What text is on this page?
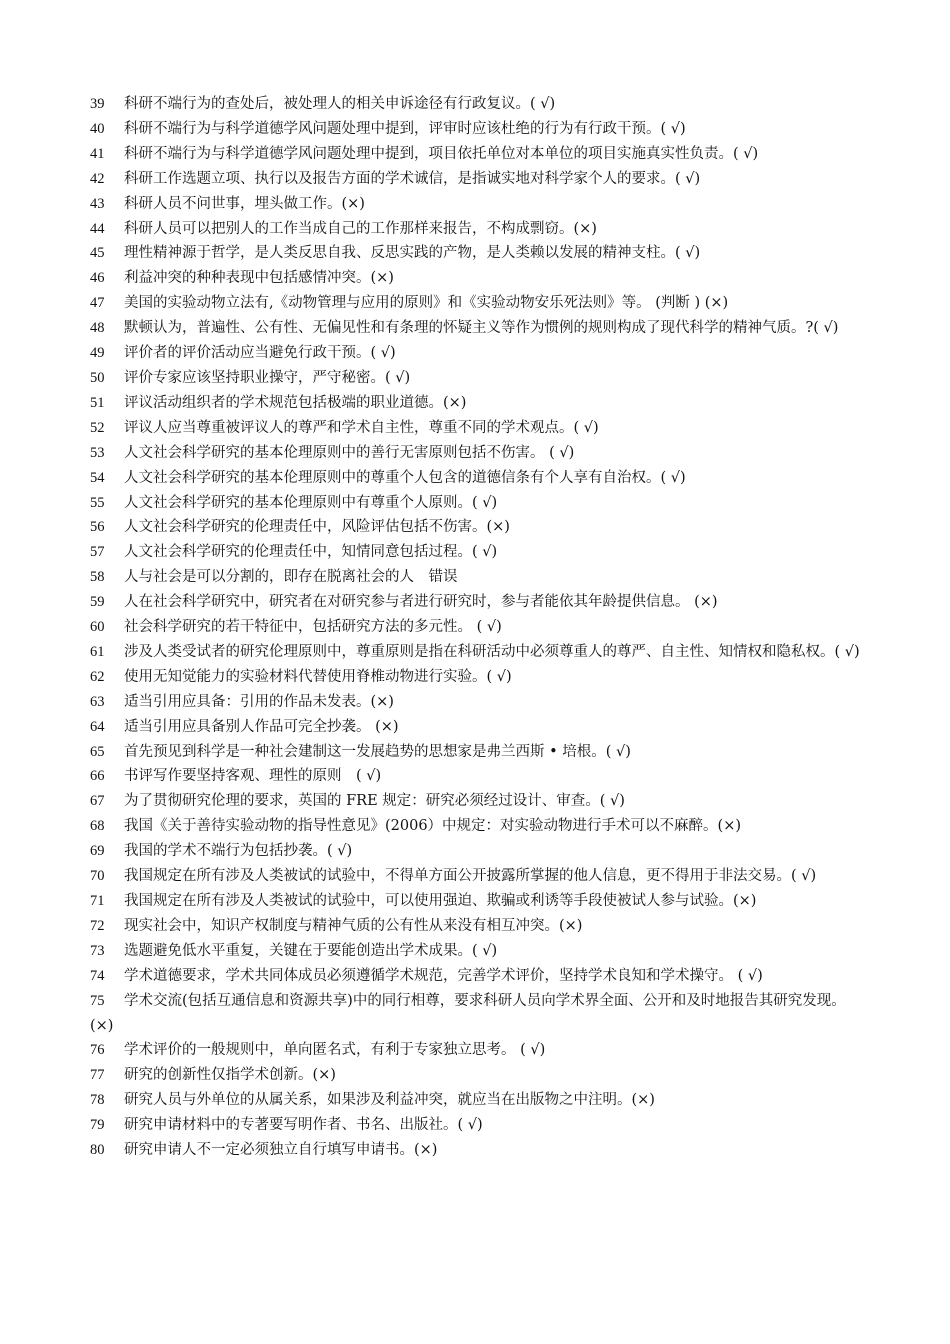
39 科研不端行为的查处后，被处理人的相关申诉途径有行政复议。( √)
40 科研不端行为与科学道德学风问题处理中提到，评审时应该杜绝的行为有行政干预。( √)
41 科研不端行为与科学道德学风问题处理中提到，项目依托单位对本单位的项目实施真实性负责。( √)
42 科研工作选题立项、执行以及报告方面的学术诚信，是指诚实地对科学家个人的要求。( √)
43 科研人员不问世事，埋头做工作。(×)
44 科研人员可以把别人的工作当成自己的工作那样来报告，不构成剽窃。(×)
45 理性精神源于哲学，是人类反思自我、反思实践的产物，是人类赖以发展的精神支柱。( √)
46 利益冲突的种种表现中包括感情冲突。(×)
47 美国的实验动物立法有,《动物管理与应用的原则》和《实验动物安乐死法则》等。 (判断 ) (×)
48 默顿认为，普遍性、公有性、无偏见性和有条理的怀疑主义等作为惯例的规则构成了现代科学的精神气质。?( √)
49 评价者的评价活动应当避免行政干预。( √)
50 评价专家应该坚持职业操守，严守秘密。( √)
51 评议活动组织者的学术规范包括极端的职业道德。(×)
52 评议人应当尊重被评议人的尊严和学术自主性，尊重不同的学术观点。( √)
53 人文社会科学研究的基本伦理原则中的善行无害原则包括不伤害。 ( √)
54 人文社会科学研究的基本伦理原则中的尊重个人包含的道德信条有个人享有自治权。( √)
55 人文社会科学研究的基本伦理原则中有尊重个人原则。( √)
56 人文社会科学研究的伦理责任中，风险评估包括不伤害。(×)
57 人文社会科学研究的伦理责任中，知情同意包括过程。( √)
58 人与社会是可以分割的，即存在脱离社会的人　错误
59 人在社会科学研究中，研究者在对研究参与者进行研究时，参与者能依其年龄提供信息。 (×)
60 社会科学研究的若干特征中，包括研究方法的多元性。 ( √)
61 涉及人类受试者的研究伦理原则中，尊重原则是指在科研活动中必须尊重人的尊严、自主性、知情权和隐私权。( √)
62 使用无知觉能力的实验材料代替使用脊椎动物进行实验。( √)
63 适当引用应具备：引用的作品未发表。(×)
64 适当引用应具备别人作品可完全抄袭。 (×)
65 首先预见到科学是一种社会建制这一发展趋势的思想家是弗兰西斯 • 培根。( √)
66 书评写作要坚持客观、理性的原则　( √)
67 为了贯彻研究伦理的要求，英国的 FRE 规定：研究必须经过设计、审查。( √)
68 我国《关于善待实验动物的指导性意见》(2006）中规定：对实验动物进行手术可以不麻醉。(×)
69 我国的学术不端行为包括抄袭。( √)
70 我国规定在所有涉及人类被试的试验中，不得单方面公开披露所掌握的他人信息，更不得用于非法交易。( √)
71 我国规定在所有涉及人类被试的试验中，可以使用强迫、欺骗或利诱等手段使被试人参与试验。(×)
72 现实社会中，知识产权制度与精神气质的公有性从来没有相互冲突。(×)
73 选题避免低水平重复，关键在于要能创造出学术成果。( √)
74 学术道德要求，学术共同体成员必须遵循学术规范，完善学术评价，坚持学术良知和学术操守。 ( √)
75 学术交流(包括互通信息和资源共享)中的同行相尊，要求科研人员向学术界全面、公开和及时地报告其研究发现。(×)
76 学术评价的一般规则中，单向匿名式，有利于专家独立思考。 ( √)
77 研究的创新性仅指学术创新。(×)
78 研究人员与外单位的从属关系，如果涉及利益冲突，就应当在出版物之中注明。(×)
79 研究申请材料中的专著要写明作者、书名、出版社。( √)
80 研究申请人不一定必须独立自行填写申请书。(×)
